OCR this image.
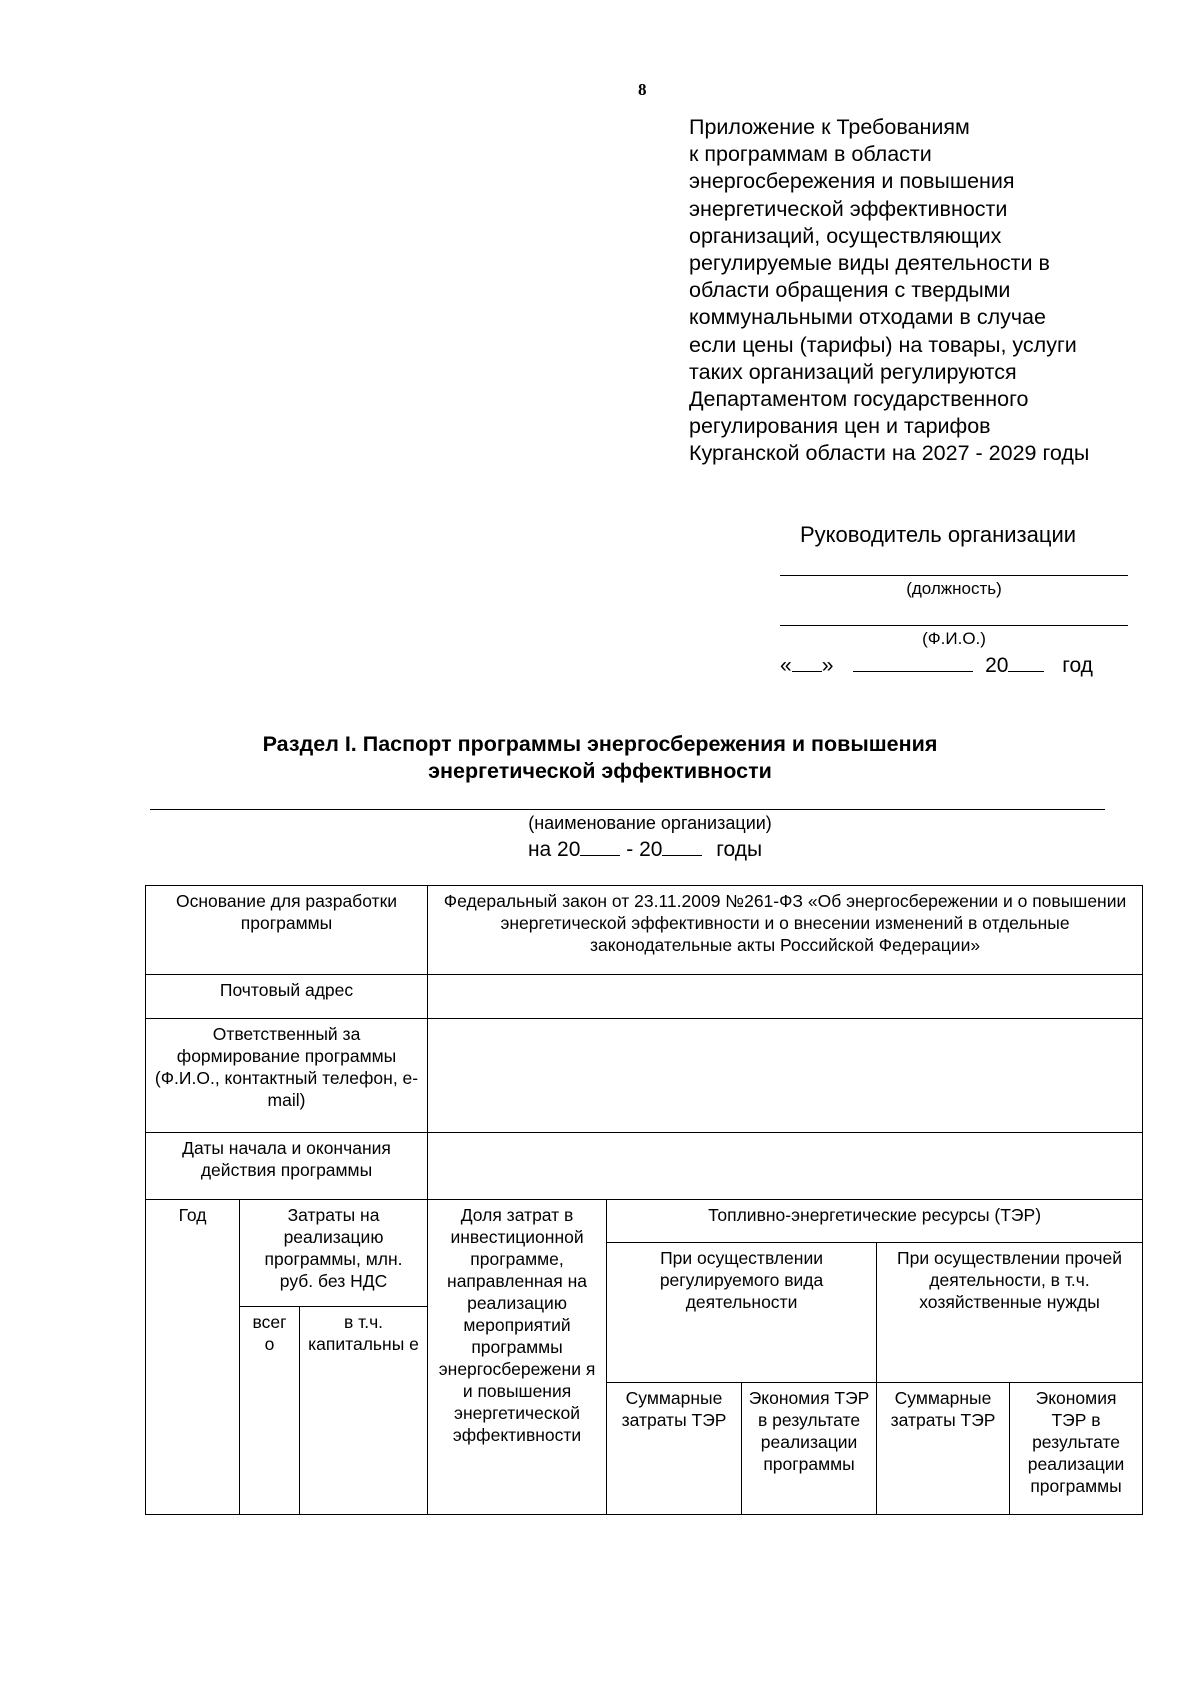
8
Приложение к Требованиям
к программам в области
энергосбережения и повышения
энергетической эффективности
организаций, осуществляющих
регулируемые виды деятельности в
области обращения с твердыми
коммунальными отходами в случае
если цены (тарифы) на товары, услуги
таких организаций регулируются
Департаментом государственного
регулирования цен и тарифов
Курганской области на 2027 - 2029 годы
Руководитель организации
(должность)
(Ф.И.О.)
« »	20	год
Раздел I. Паспорт программы энергосбережения и повышения
энергетической эффективности
(наименование организации)
на 20 - 20	годы
Основание для разработки программы			Федеральный закон от 23.11.2009 №261-ФЗ «Об энергосбережении и о повышении энергетической эффективности и о внесении изменений в отдельные законодательные акты Российской Федерации»				
Почтовый адрес							
Ответственный за формирование программы (Ф.И.О., контактный телефон, e-mail)							
Даты начала и окончания действия программы							
Год	Затраты на реализацию программы, млн. руб. без НДС		Доля затрат в инвестиционной программе, направленная на реализацию мероприятий программы энергосбережени я и повышения энергетической эффективности	Топливно-энергетические ресурсы (ТЭР)			
				При осуществлении регулируемого вида деятельности		При осуществлении прочей деятельности, в т.ч. хозяйственные нужды	
	всег о	в т.ч. капитальны е					
				Суммарные затраты ТЭР	Экономия ТЭР в результате реализации программы	Суммарные затраты ТЭР	Экономия ТЭР в результате реализации программы
